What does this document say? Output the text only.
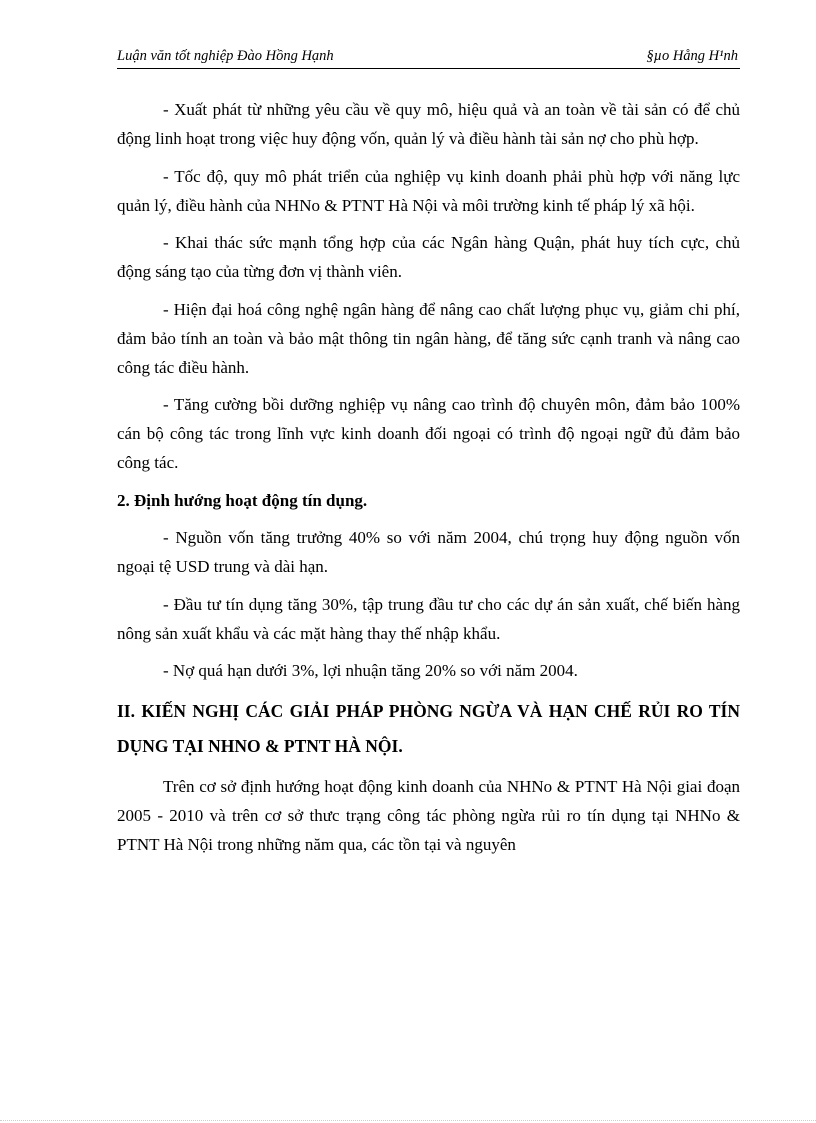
Luận văn tốt nghiệp Đào Hồng Hạnh	§µo Hång H¹nh

- Xuất phát từ những yêu cầu về quy mô, hiệu quả và an toàn về tài sản có để chủ động linh hoạt trong việc huy động vốn, quản lý và điều hành tài sản nợ cho phù hợp.

- Tốc độ, quy mô phát triển của nghiệp vụ kinh doanh phải phù hợp với năng lực quản lý, điều hành của NHNo & PTNT Hà Nội và môi trường kinh tế pháp lý xã hội.

- Khai thác sức mạnh tổng hợp của các Ngân hàng Quận, phát huy tích cực, chủ động sáng tạo của từng đơn vị thành viên.

- Hiện đại hoá công nghệ ngân hàng để nâng cao chất lượng phục vụ, giảm chi phí, đảm bảo tính an toàn và bảo mật thông tin ngân hàng, để tăng sức cạnh tranh và nâng cao công tác điều hành.

- Tăng cường bồi dưỡng nghiệp vụ nâng cao trình độ chuyên môn, đảm bảo 100% cán bộ công tác trong lĩnh vực kinh doanh đối ngoại có trình độ ngoại ngữ đủ đảm bảo công tác.

2. Định hướng hoạt động tín dụng.

- Nguồn vốn tăng trưởng 40% so với năm 2004, chú trọng huy động nguồn vốn ngoại tệ USD trung và dài hạn.

- Đầu tư tín dụng tăng 30%, tập trung đầu tư cho các dự án sản xuất, chế biến hàng nông sản xuất khẩu và các mặt hàng thay thế nhập khẩu.

- Nợ quá hạn dưới 3%, lợi nhuận tăng 20% so với năm 2004.

II. KIẾN NGHỊ CÁC GIẢI PHÁP PHÒNG NGỪA VÀ HẠN CHẾ RỦI RO TÍN DỤNG TẠI NHNO & PTNT HÀ NỘI.

Trên cơ sở định hướng hoạt động kinh doanh của NHNo & PTNT Hà Nội giai đoạn 2005 - 2010 và trên cơ sở thưc trạng công tác phòng ngừa rủi ro tín dụng tại NHNo & PTNT Hà Nội trong những năm qua, các tồn tại và nguyên
